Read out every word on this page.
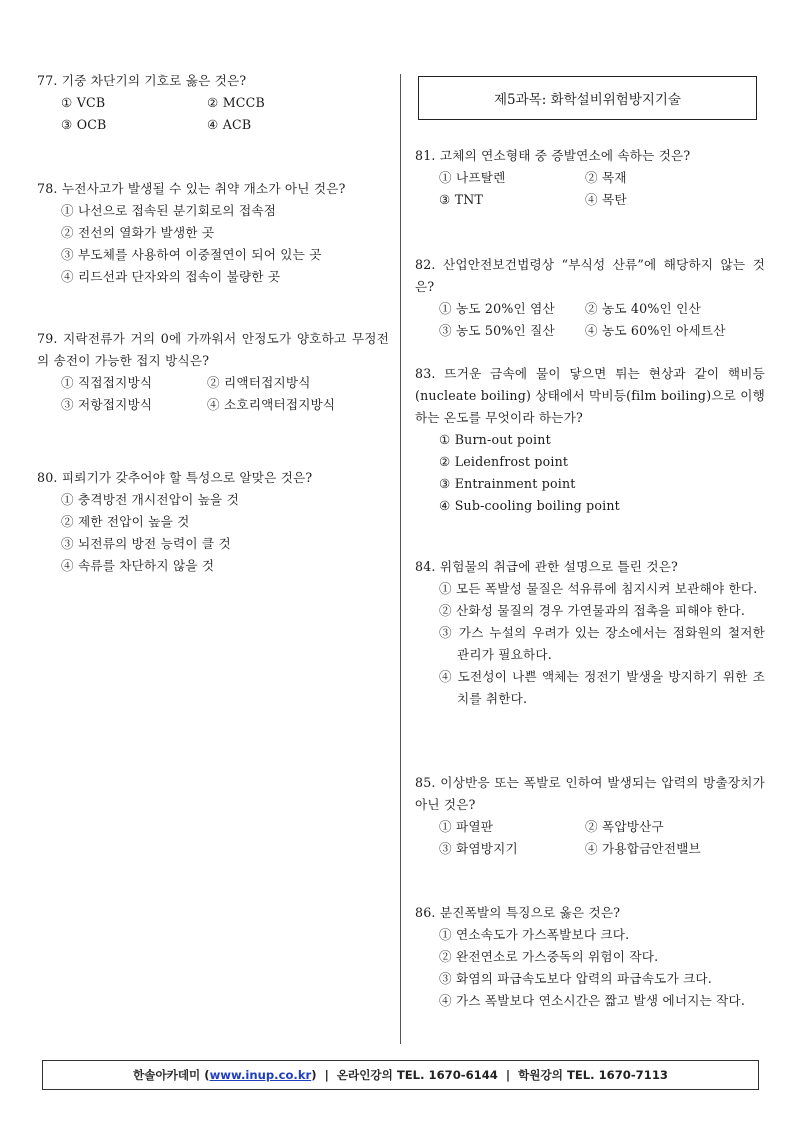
77. 기중 차단기의 기호로 옳은 것은?
① VCB	② MCCB
③ OCB	④ ACB
78. 누전사고가 발생될 수 있는 취약 개소가 아닌 것은?
① 나선으로 접속된 분기회로의 접속점
② 전선의 열화가 발생한 곳
③ 부도체를 사용하여 이중절연이 되어 있는 곳
④ 리드선과 단자와의 접속이 불량한 곳
79. 지락전류가 거의 0에 가까워서 안정도가 양호하고 무정전의 송전이 가능한 접지 방식은?
① 직접접지방식	② 리액터접지방식
③ 저항접지방식	④ 소호리액터접지방식
80. 피뢰기가 갖추어야 할 특성으로 알맞은 것은?
① 충격방전 개시전압이 높을 것
② 제한 전압이 높을 것
③ 뇌전류의 방전 능력이 클 것
④ 속류를 차단하지 않을 것
제5과목: 화학설비위험방지기술
81. 고체의 연소형태 중 증발연소에 속하는 것은?
① 나프탈렌	② 목재
③ TNT	④ 목탄
82. 산업안전보건법령상 “부식성 산류”에 해당하지 않는 것은?
① 농도 20%인 염산	② 농도 40%인 인산
③ 농도 50%인 질산	④ 농도 60%인 아세트산
83. 뜨거운 금속에 물이 닿으면 튀는 현상과 같이 핵비등(nucleate boiling) 상태에서 막비등(film boiling)으로 이행하는 온도를 무엇이라 하는가?
① Burn-out point
② Leidenfrost point
③ Entrainment point
④ Sub-cooling boiling point
84. 위험물의 취급에 관한 설명으로 틀린 것은?
① 모든 폭발성 물질은 석유류에 침지시켜 보관해야 한다.
② 산화성 물질의 경우 가연물과의 접촉을 피해야 한다.
③ 가스 누설의 우려가 있는 장소에서는 점화원의 철저한 관리가 필요하다.
④ 도전성이 나쁜 액체는 정전기 발생을 방지하기 위한 조치를 취한다.
85. 이상반응 또는 폭발로 인하여 발생되는 압력의 방출장치가 아닌 것은?
① 파열판	② 폭압방산구
③ 화염방지기	④ 가용합금안전밸브
86. 분진폭발의 특징으로 옳은 것은?
① 연소속도가 가스폭발보다 크다.
② 완전연소로 가스중독의 위험이 작다.
③ 화염의 파급속도보다 압력의 파급속도가 크다.
④ 가스 폭발보다 연소시간은 짧고 발생 에너지는 작다.
한솔아카데미 ( www.inup.co.kr ) | 온라인강의 TEL. 1670-6144 | 학원강의 TEL. 1670-7113
